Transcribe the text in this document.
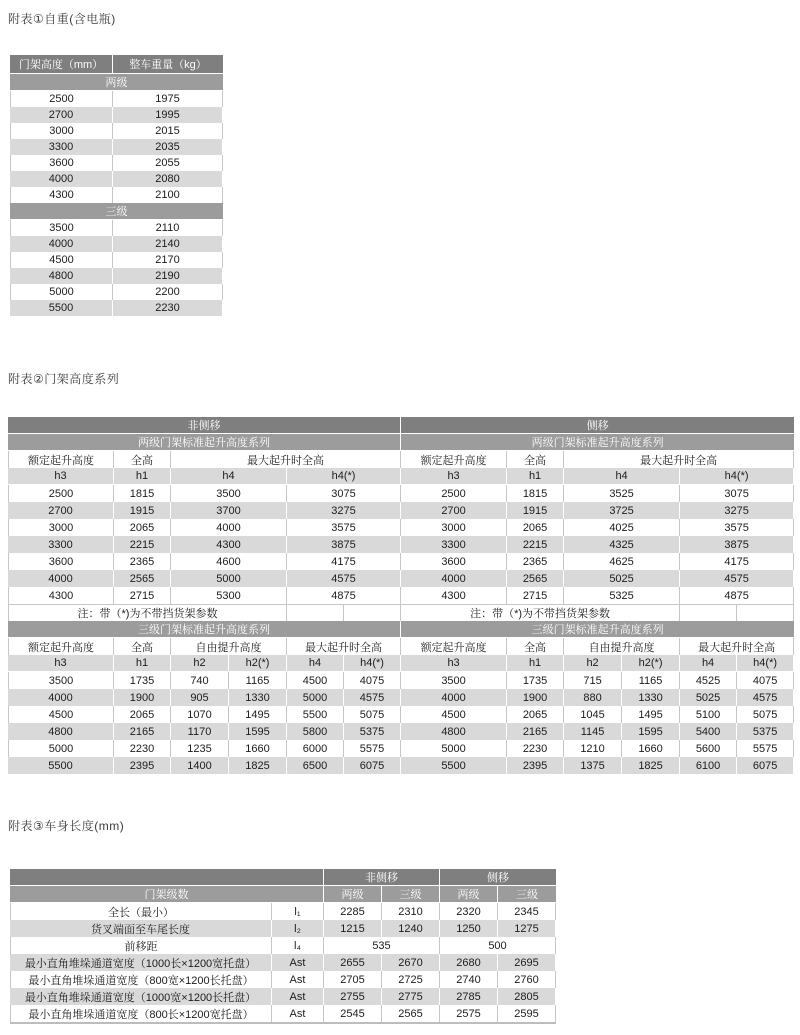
附表①自重(含电瓶)
门架高度（mm）	整车重量（kg）
两级	
2500	1975
2700	1995
3000	2015
3300	2035
3600	2055
4000	2080
4300	2100
三级	
3500	2110
4000	2140
4500	2170
4800	2190
5000	2200
5500	2230
附表②门架高度系列
非侧移						侧移					
两级门架标准起升高度系列						两级门架标准起升高度系列					
额定起升高度	全高	最大起升时全高				额定起升高度	全高	最大起升时全高			
h3	h1	h4		h4(*)		h3	h1	h4		h4(*)	
2500	1815	3500		3075		2500	1815	3525		3075	
2700	1915	3700		3275		2700	1915	3725		3275	
3000	2065	4000		3575		3000	2065	4025		3575	
3300	2215	4300		3875		3300	2215	4325		3875	
3600	2365	4600		4175		3600	2365	4625		4175	
4000	2565	5000		4575		4000	2565	5025		4575	
4300	2715	5300		4875		4300	2715	5325		4875	
注：带（*)为不带挡货架参数						注：带（*)为不带挡货架参数					
三级门架标准起升高度系列						三级门架标准起升高度系列					
额定起升高度	全高	自由提升高度		最大起升时全高		额定起升高度	全高	自由提升高度		最大起升时全高	
h3	h1	h2	h2(*)	h4	h4(*)	h3	h1	h2	h2(*)	h4	h4(*)
3500	1735	740	1165	4500	4075	3500	1735	715	1165	4525	4075
4000	1900	905	1330	5000	4575	4000	1900	880	1330	5025	4575
4500	2065	1070	1495	5500	5075	4500	2065	1045	1495	5100	5075
4800	2165	1170	1595	5800	5375	4800	2165	1145	1595	5400	5375
5000	2230	1235	1660	6000	5575	5000	2230	1210	1660	5600	5575
5500	2395	1400	1825	6500	6075	5500	2395	1375	1825	6100	6075
附表③车身长度(mm)
		非侧移		侧移	
门架级数		两级	三级	两级	三级
全长（最小）	l₁	2285	2310	2320	2345
货叉端面至车尾长度	l₂	1215	1240	1250	1275
前移距	l₄	535		500	
最小直角堆垛通道宽度（1000长×1200宽托盘）	Ast	2655	2670	2680	2695
最小直角堆垛通道宽度（800宽×1200长托盘）	Ast	2705	2725	2740	2760
最小直角堆垛通道宽度（1000宽×1200长托盘）	Ast	2755	2775	2785	2805
最小直角堆垛通道宽度（800长×1200宽托盘）	Ast	2545	2565	2575	2595
